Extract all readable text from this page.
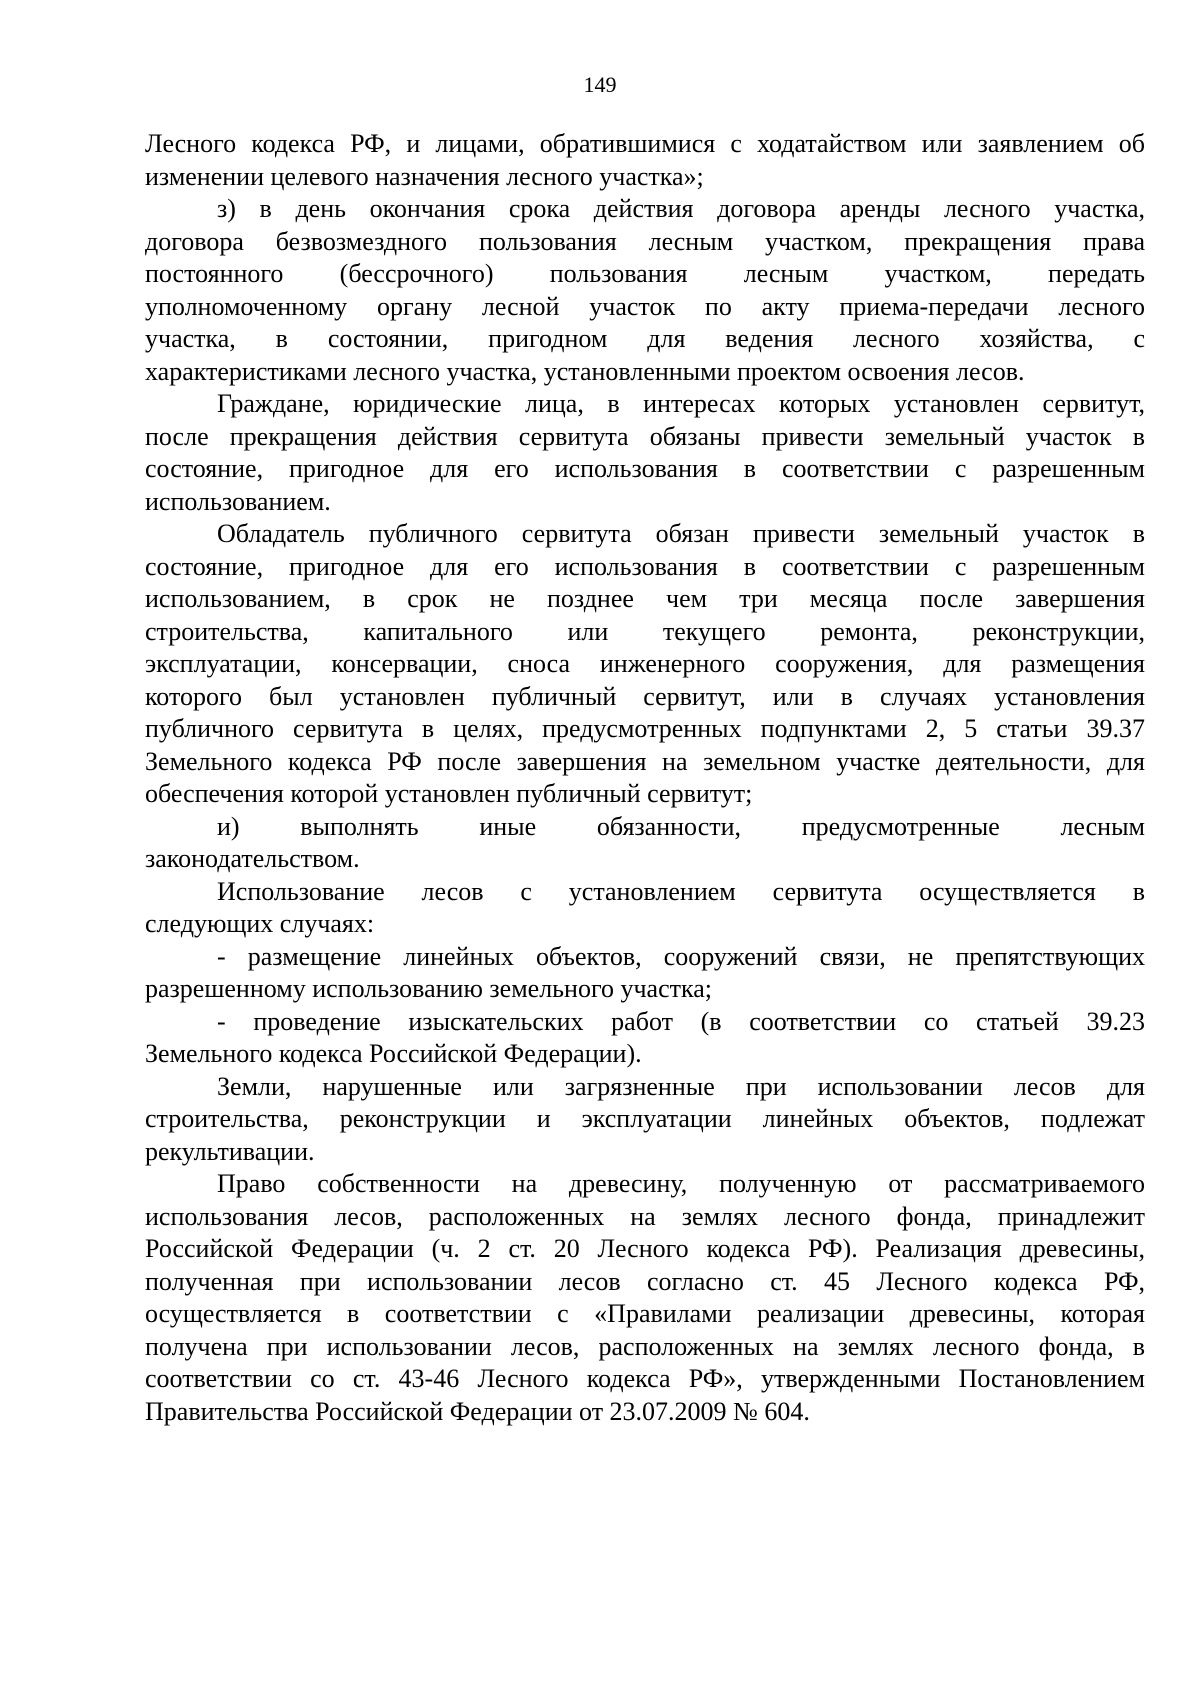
149
Лесного кодекса РФ, и лицами, обратившимися с ходатайством или заявлением об
изменении целевого назначения лесного участка»;
з) в день окончания срока действия договора аренды лесного участка,
договора безвозмездного пользования лесным участком, прекращения права
постоянного (бессрочного) пользования лесным участком, передать
уполномоченному органу лесной участок по акту приема-передачи лесного
участка, в состоянии, пригодном для ведения лесного хозяйства, с
характеристиками лесного участка, установленными проектом освоения лесов.
Граждане, юридические лица, в интересах которых установлен сервитут,
после прекращения действия сервитута обязаны привести земельный участок в
состояние, пригодное для его использования в соответствии с разрешенным
использованием.
Обладатель публичного сервитута обязан привести земельный участок в
состояние, пригодное для его использования в соответствии с разрешенным
использованием, в срок не позднее чем три месяца после завершения
строительства, капитального или текущего ремонта, реконструкции,
эксплуатации, консервации, сноса инженерного сооружения, для размещения
которого был установлен публичный сервитут, или в случаях установления
публичного сервитута в целях, предусмотренных подпунктами 2, 5 статьи 39.37
Земельного кодекса РФ после завершения на земельном участке деятельности, для
обеспечения которой установлен публичный сервитут;
и) выполнять иные обязанности, предусмотренные лесным
законодательством.
Использование лесов с установлением сервитута осуществляется в
следующих случаях:
- размещение линейных объектов, сооружений связи, не препятствующих
разрешенному использованию земельного участка;
- проведение изыскательских работ (в соответствии со статьей 39.23
Земельного кодекса Российской Федерации).
Земли, нарушенные или загрязненные при использовании лесов для
строительства, реконструкции и эксплуатации линейных объектов, подлежат
рекультивации.
Право собственности на древесину, полученную от рассматриваемого
использования лесов, расположенных на землях лесного фонда, принадлежит
Российской Федерации (ч. 2 ст. 20 Лесного кодекса РФ). Реализация древесины,
полученная при использовании лесов согласно ст. 45 Лесного кодекса РФ,
осуществляется в соответствии с «Правилами реализации древесины, которая
получена при использовании лесов, расположенных на землях лесного фонда, в
соответствии со ст. 43-46 Лесного кодекса РФ», утвержденными Постановлением
Правительства Российской Федерации от 23.07.2009 № 604.
